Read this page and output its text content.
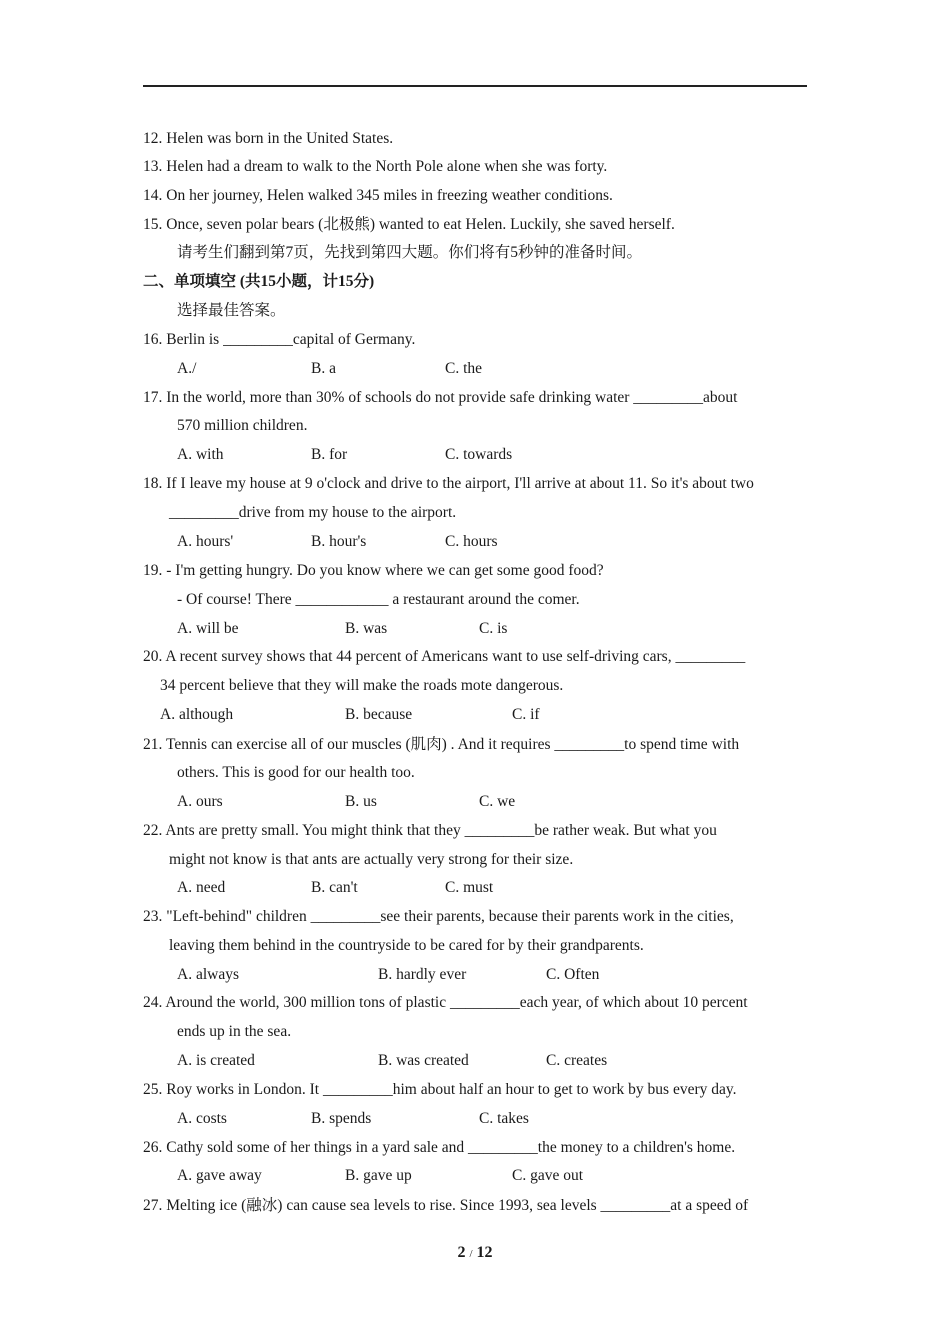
12. Helen was born in the United States.
13. Helen had a dream to walk to the North Pole alone when she was forty.
14. On her journey, Helen walked 345 miles in freezing weather conditions.
15. Once, seven polar bears (北极熊) wanted to eat Helen. Luckily, she saved herself.
请考生们翻到第7页，先找到第四大题。你们将有5秒钟的准备时间。
二、单项填空 (共15小题，计15分)
选择最佳答案。
16. Berlin is _________capital of Germany.
A./	B. a	C. the
17. In the world, more than 30% of schools do not provide safe drinking water _________about
570 million children.
A. with	B. for	C. towards
18. If I leave my house at 9 o'clock and drive to the airport, I'll arrive at about 11. So it's about two
_________drive from my house to the airport.
A. hours'	B. hour's	C. hours
19. - I'm getting hungry. Do you know where we can get some good food?
- Of course! There ____________ a restaurant around the comer.
A. will be	B. was	C. is
20. A recent survey shows that 44 percent of Americans want to use self-driving cars, _________
34 percent believe that they will make the roads mote dangerous.
A. although	B. because	C. if
21. Tennis can exercise all of our muscles (肌肉) . And it requires _________to spend time with
others. This is good for our health too.
A. ours	B. us	C. we
22. Ants are pretty small. You might think that they _________be rather weak. But what you
might not know is that ants are actually very strong for their size.
A. need	B. can't	C. must
23. "Left-behind" children _________see their parents, because their parents work in the cities,
leaving them behind in the countryside to be cared for by their grandparents.
A. always	B. hardly ever	C. Often
24. Around the world, 300 million tons of plastic _________each year, of which about 10 percent
ends up in the sea.
A. is created	B. was created	C. creates
25. Roy works in London. It _________him about half an hour to get to work by bus every day.
A. costs	B. spends	C. takes
26. Cathy sold some of her things in a yard sale and _________the money to a children's home.
A. gave away	B. gave up	C. gave out
27. Melting ice (融冰) can cause sea levels to rise. Since 1993, sea levels _________at a speed of
2 / 12
